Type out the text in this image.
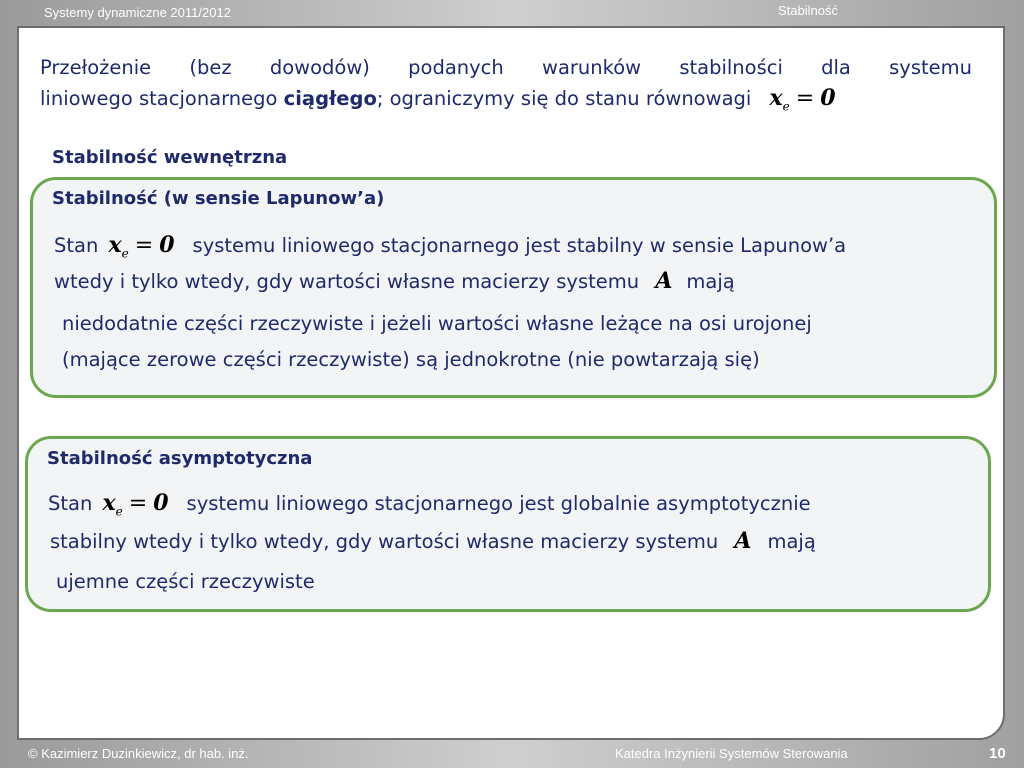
Systemy dynamiczne 2011/2012	Stabilność
Przełożenie (bez dowodów) podanych warunków stabilności dla systemu
liniowego stacjonarnego ciągłego; ograniczymy się do stanu równowagi $x_e = 0$
Stabilność wewnętrzna
Stabilność (w sensie Lapunow’a)
Stan $x_e = 0$ systemu liniowego stacjonarnego jest stabilny w sensie Lapunow’a
wtedy i tylko wtedy, gdy wartości własne macierzy systemu A mają
niedodatnie części rzeczywiste i jeżeli wartości własne leżące na osi urojonej
(mające zerowe części rzeczywiste) są jednokrotne (nie powtarzają się)
Stabilność asymptotyczna
Stan $x_e = 0$ systemu liniowego stacjonarnego jest globalnie asymptotycznie
stabilny wtedy i tylko wtedy, gdy wartości własne macierzy systemu A mają
ujemne części rzeczywiste
© Kazimierz Duzinkiewicz, dr hab. inż.	Katedra Inżynierii Systemów Sterowania	10
